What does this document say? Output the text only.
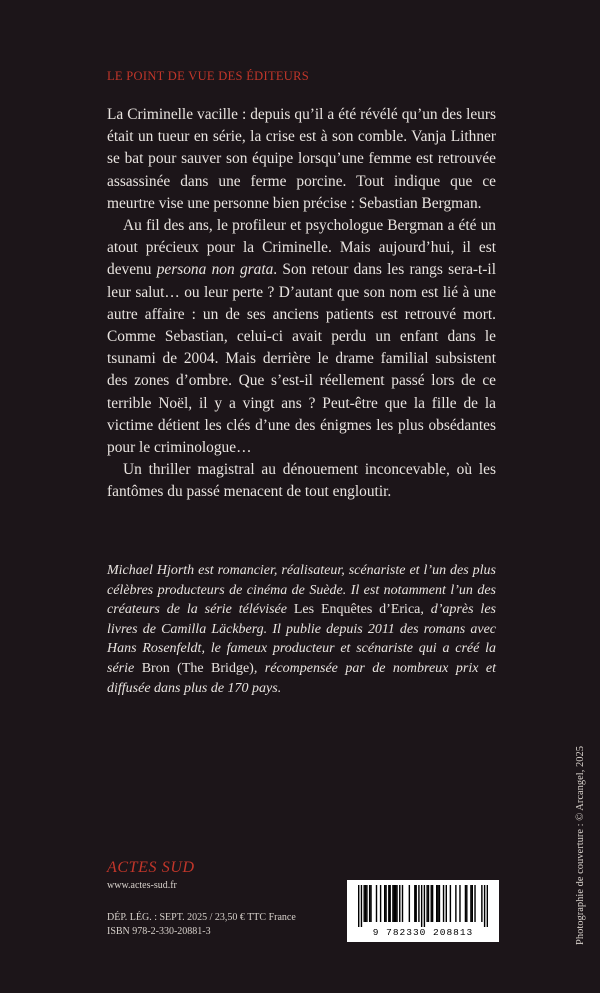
LE POINT DE VUE DES ÉDITEURS

La Criminelle vacille : depuis qu’il a été révélé qu’un des leurs était un tueur en série, la crise est à son comble. Vanja Lithner se bat pour sauver son équipe lorsqu’une femme est retrouvée assassinée dans une ferme porcine. Tout indique que ce meurtre vise une personne bien précise : Sebastian Bergman.

Au fil des ans, le profileur et psychologue Bergman a été un atout précieux pour la Criminelle. Mais aujourd’hui, il est devenu persona non grata. Son retour dans les rangs sera-t-il leur salut… ou leur perte ? D’autant que son nom est lié à une autre affaire : un de ses anciens patients est retrouvé mort. Comme Sebastian, celui-ci avait perdu un enfant dans le tsunami de 2004. Mais derrière le drame familial subsistent des zones d’ombre. Que s’est-il réellement passé lors de ce terrible Noël, il y a vingt ans ? Peut-être que la fille de la victime détient les clés d’une des énigmes les plus obsédantes pour le criminologue…

Un thriller magistral au dénouement inconcevable, où les fantômes du passé menacent de tout engloutir.

Michael Hjorth est romancier, réalisateur, scénariste et l’un des plus célèbres producteurs de cinéma de Suède. Il est notamment l’un des créateurs de la série télévisée Les Enquêtes d’Erica, d’après les livres de Camilla Läckberg. Il publie depuis 2011 des romans avec Hans Rosenfeldt, le fameux producteur et scénariste qui a créé la série Bron (The Bridge), récompensée par de nombreux prix et diffusée dans plus de 170 pays.

ACTES SUD
www.actes-sud.fr
DÉP. LÉG. : SEPT. 2025 / 23,50 € TTC France
ISBN 978-2-330-20881-3	9 782330 208813	Photographie de couverture : © Arcangel, 2025
